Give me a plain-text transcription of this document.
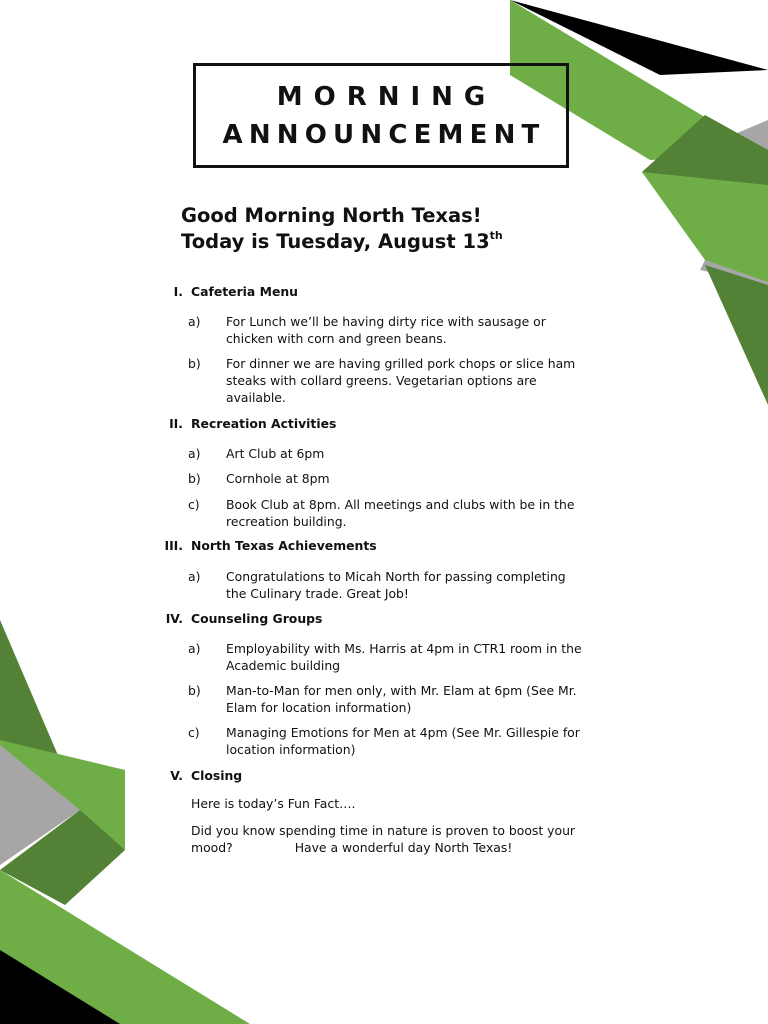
MORNING
ANNOUNCEMENT
Good Morning North Texas!
Today is Tuesday, August 13th
I. Cafeteria Menu
a) For Lunch we’ll be having dirty rice with sausage or
chicken with corn and green beans.
b) For dinner we are having grilled pork chops or slice ham
steaks with collard greens. Vegetarian options are
available.
II. Recreation Activities
a) Art Club at 6pm
b) Cornhole at 8pm
c) Book Club at 8pm. All meetings and clubs with be in the
recreation building.
III. North Texas Achievements
a) Congratulations to Micah North for passing completing
the Culinary trade. Great Job!
IV. Counseling Groups
a) Employability with Ms. Harris at 4pm in CTR1 room in the
Academic building
b) Man-to-Man for men only, with Mr. Elam at 6pm (See Mr.
Elam for location information)
c) Managing Emotions for Men at 4pm (See Mr. Gillespie for
location information)
V. Closing
Here is today’s Fun Fact….
Did you know spending time in nature is proven to boost your
mood?	Have a wonderful day North Texas!
